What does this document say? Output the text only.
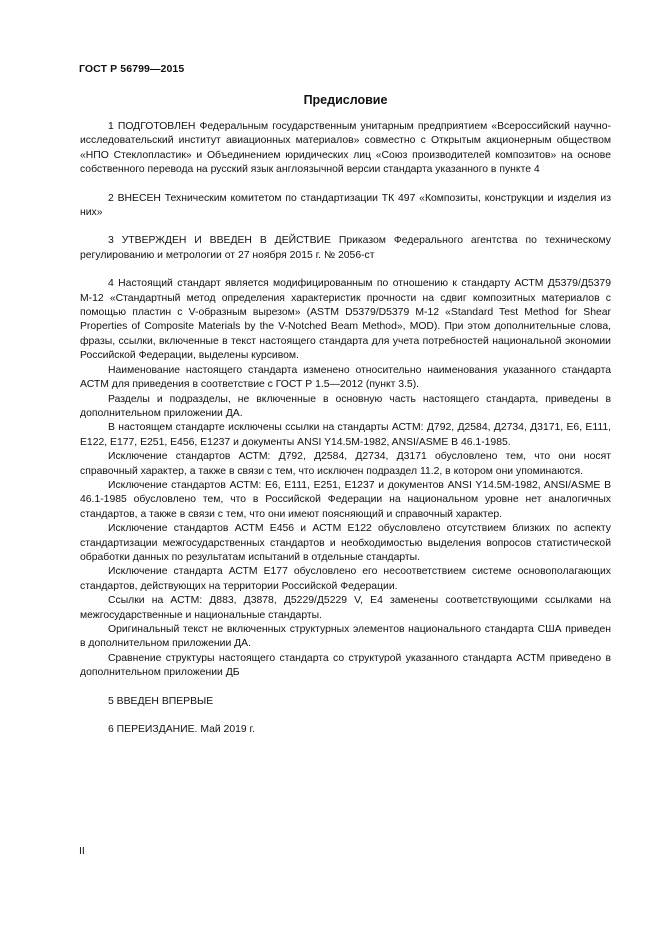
ГОСТ Р 56799—2015
Предисловие

1 ПОДГОТОВЛЕН Федеральным государственным унитарным предприятием «Всероссийский научно-исследовательский институт авиационных материалов» совместно с Открытым акционерным обществом «НПО Стеклопластик» и Объединением юридических лиц «Союз производителей композитов» на основе собственного перевода на русский язык англоязычной версии стандарта указанного в пункте 4

2 ВНЕСЕН Техническим комитетом по стандартизации ТК 497 «Композиты, конструкции и изделия из них»

3 УТВЕРЖДЕН И ВВЕДЕН В ДЕЙСТВИЕ Приказом Федерального агентства по техническому регулированию и метрологии от 27 ноября 2015 г. № 2056-ст

4 Настоящий стандарт является модифицированным по отношению к стандарту АСТМ Д5379/Д5379 М-12 «Стандартный метод определения характеристик прочности на сдвиг композитных материалов с помощью пластин с V-образным вырезом» (ASTM D5379/D5379 M-12 «Standard Test Method for Shear Properties of Composite Materials by the V-Notched Beam Method», MOD). При этом дополнительные слова, фразы, ссылки, включенные в текст настоящего стандарта для учета потребностей национальной экономии Российской Федерации, выделены курсивом.

Наименование настоящего стандарта изменено относительно наименования указанного стандарта АСТМ для приведения в соответствие с ГОСТ Р 1.5—2012 (пункт 3.5).

Разделы и подразделы, не включенные в основную часть настоящего стандарта, приведены в дополнительном приложении ДА.

В настоящем стандарте исключены ссылки на стандарты АСТМ: Д792, Д2584, Д2734, Д3171, Е6, Е111, Е122, Е177, Е251, Е456, Е1237 и документы ANSI Y14.5M-1982, ANSI/ASME B 46.1-1985.

Исключение стандартов АСТМ: Д792, Д2584, Д2734, Д3171 обусловлено тем, что они носят справочный характер, а также в связи с тем, что исключен подраздел 11.2, в котором они упоминаются.

Исключение стандартов АСТМ: Е6, Е111, Е251, Е1237 и документов ANSI Y14.5M-1982, ANSI/ASME B 46.1-1985 обусловлено тем, что в Российской Федерации на национальном уровне нет аналогичных стандартов, а также в связи с тем, что они имеют поясняющий и справочный характер.

Исключение стандартов АСТМ Е456 и АСТМ Е122 обусловлено отсутствием близких по аспекту стандартизации межгосударственных стандартов и необходимостью выделения вопросов статистической обработки данных по результатам испытаний в отдельные стандарты.

Исключение стандарта АСТМ Е177 обусловлено его несоответствием системе основополагающих стандартов, действующих на территории Российской Федерации.

Ссылки на АСТМ: Д883, Д3878, Д5229/Д5229 V, Е4 заменены соответствующими ссылками на межгосударственные и национальные стандарты.

Оригинальный текст не включенных структурных элементов национального стандарта США приведен в дополнительном приложении ДА.

Сравнение структуры настоящего стандарта со структурой указанного стандарта АСТМ приведено в дополнительном приложении ДБ

5 ВВЕДЕН ВПЕРВЫЕ

6 ПЕРЕИЗДАНИЕ. Май 2019 г.

II
